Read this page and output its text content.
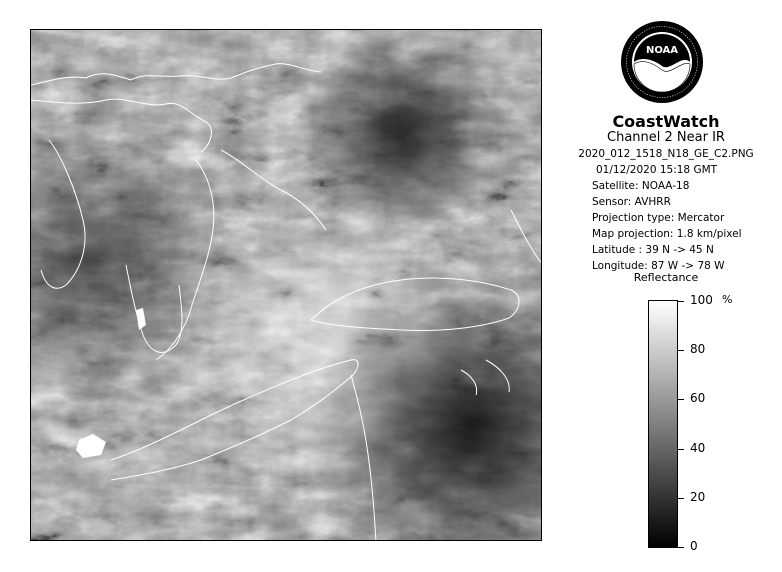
NOAA
CoastWatch
Channel 2 Near IR
2020_012_1518_N18_GE_C2.PNG
01/12/2020 15:18 GMT
Satellite: NOAA-18
Sensor: AVHRR
Projection type: Mercator
Map projection: 1.8 km/pixel
Latitude : 39 N -> 45 N
Longitude: 87 W -> 78 W
Reflectance
%
100
80
60
40
20
0
